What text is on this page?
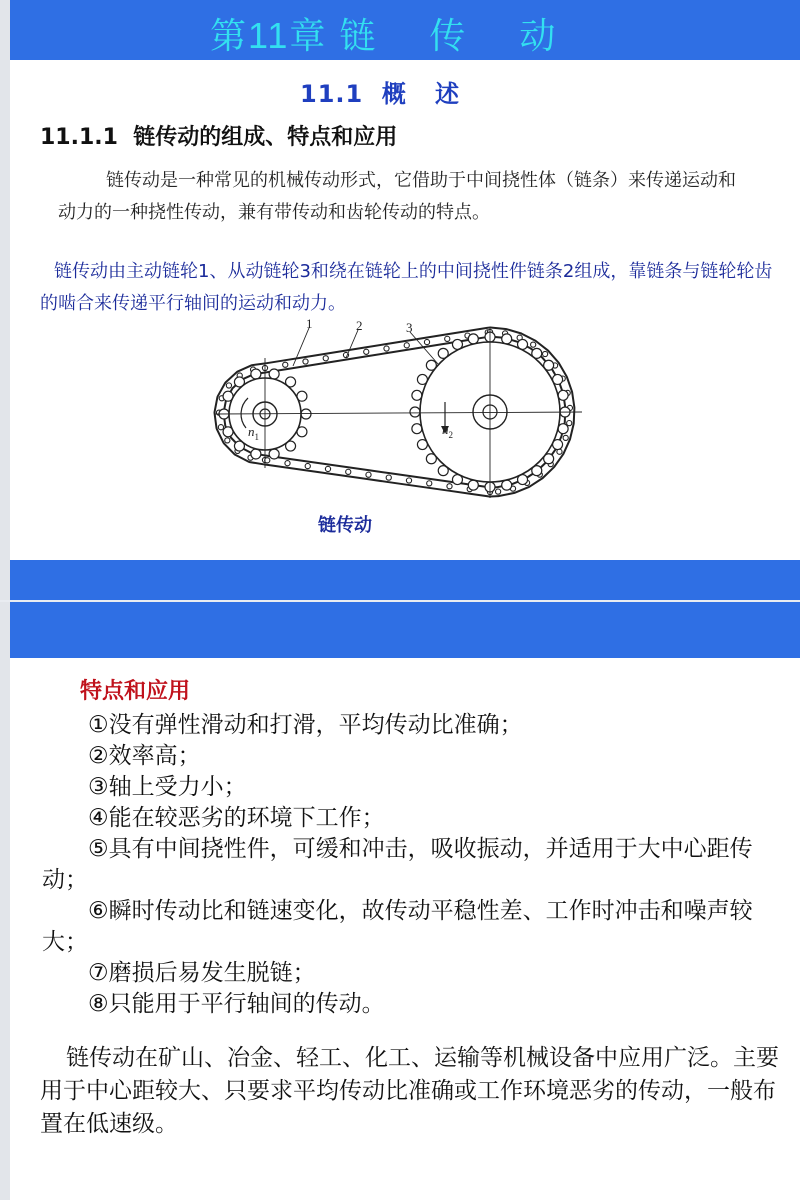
第11章 链 传 动
11.1  概   述
11.1.1  链传动的组成、特点和应用
链传动是一种常见的机械传动形式，它借助于中间挠性体（链条）来传递运动和动力的一种挠性传动，兼有带传动和齿轮传动的特点。
链传动由主动链轮1、从动链轮3和绕在链轮上的中间挠性件链条2组成，靠链条与链轮轮齿的啮合来传递平行轴间的运动和动力。
1	2	3
$n_1$	$n_2$
链传动
特点和应用

①没有弹性滑动和打滑，平均传动比准确；

②效率高；

③轴上受力小；

④能在较恶劣的环境下工作；

⑤具有中间挠性件，可缓和冲击，吸收振动，并适用于大中心距传动；

⑥瞬时传动比和链速变化，故传动平稳性差、工作时冲击和噪声较大；

⑦磨损后易发生脱链；

⑧只能用于平行轴间的传动。

链传动在矿山、冶金、轻工、化工、运输等机械设备中应用广泛。主要用于中心距较大、只要求平均传动比准确或工作环境恶劣的传动，一般布置在低速级。
